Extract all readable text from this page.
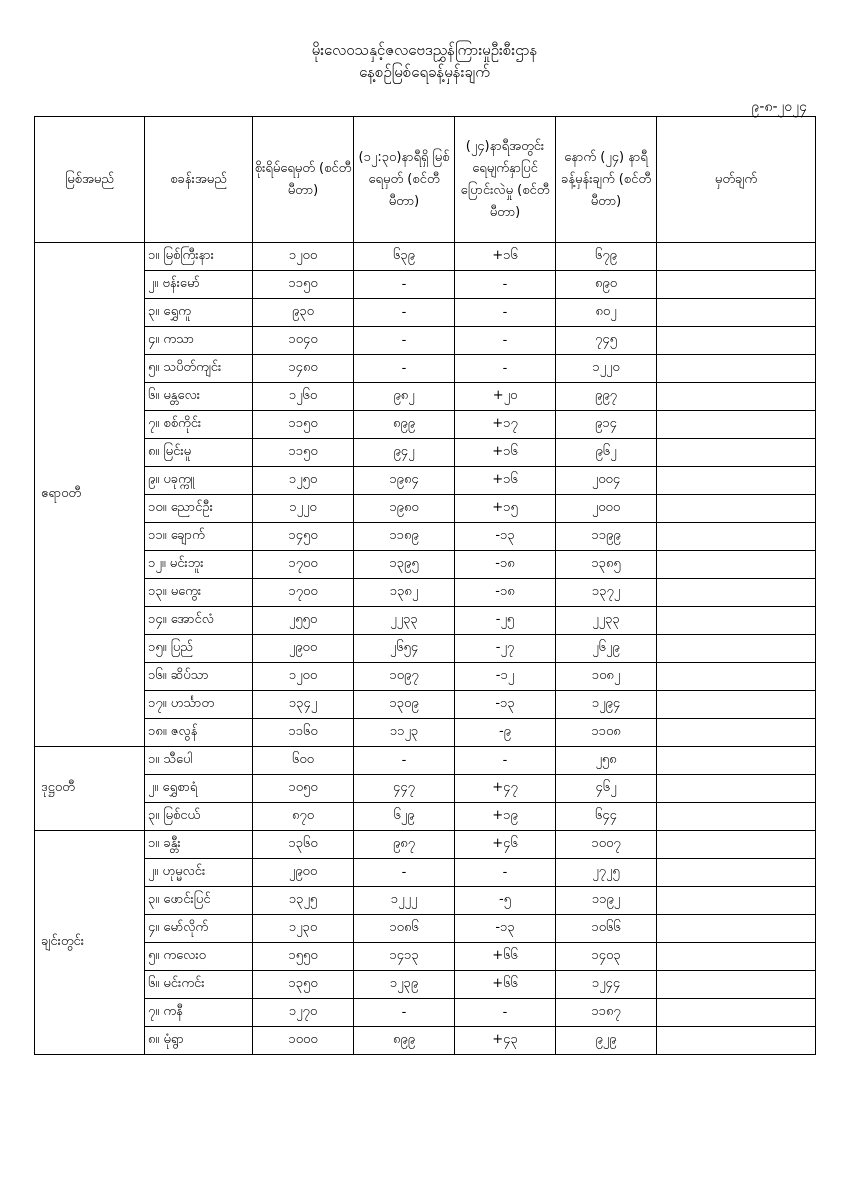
မိုးလေဝသနှင့်ဇလဗေဒညွှန်ကြားမှုဦးစီးဌာန
နေ့စဉ်မြစ်ရေခန့်မှန်းချက်
၉-၈-၂၀၂၄
မြစ်အမည်	စခန်းအမည်	စိုးရိမ်ရေမှတ် (စင်တီမီတာ)	(၁၂:၃၀)နာရီရှိ မြစ်ရေမှတ် (စင်တီမီတာ)	(၂၄)နာရီအတွင်း ရေမျက်နှာပြင် ပြောင်းလဲမှု (စင်တီမီတာ)	နောက် (၂၄) နာရီ ခန့်မှန်းချက် (စင်တီမီတာ)	မှတ်ချက်
ဧရာဝတီ	၁။ မြစ်ကြီးနား	၁၂၀၀	၆၃၉	+၁၆	၆၇၉	
	၂။ ဗန်းမော်	၁၁၅၀	-	-	၈၉၀	
	၃။ ရွှေကူ	၉၃၀	-	-	၈၀၂	
	၄။ ကသာ	၁၀၄၀	-	-	၇၄၅	
	၅။ သပိတ်ကျင်း	၁၄၈၀	-	-	၁၂၂၀	
	၆။ မန္တလေး	၁၂၆၀	၉၈၂	+၂၀	၉၉၇	
	၇။ စစ်ကိုင်း	၁၁၅၀	၈၉၉	+၁၇	၉၁၄	
	၈။ မြင်းမူ	၁၁၅၀	၉၄၂	+၁၆	၉၆၂	
	၉။ ပခုက္ကူ	၁၂၅၀	၁၉၈၄	+၁၆	၂၀၀၄	
	၁၀။ ညောင်ဦး	၁၂၂၀	၁၉၈၀	+၁၅	၂၀၀၀	
	၁၁။ ချောက်	၁၄၅၀	၁၁၈၉	-၁၃	၁၁၉၉	
	၁၂။ မင်းဘူး	၁၇၀၀	၁၃၉၅	-၁၈	၁၃၈၅	
	၁၃။ မကွေး	၁၇၀၀	၁၃၈၂	-၁၈	၁၃၇၂	
	၁၄။ အောင်လံ	၂၅၅၀	၂၂၃၃	-၂၅	၂၂၃၃	
	၁၅။ ပြည်	၂၉၀၀	၂၆၅၄	-၂၇	၂၆၂၉	
	၁၆။ ဆိပ်သာ	၁၂၀၀	၁၀၉၇	-၁၂	၁၀၈၂	
	၁၇။ ဟင်္သာတ	၁၃၄၂	၁၃၀၉	-၁၃	၁၂၉၄	
	၁၈။ ဇလွန်	၁၁၆၀	၁၁၂၃	-၉	၁၁၀၈	
ဒုဋ္ဌဝတီ	၁။ သီပေါ	၆၀၀	-	-	၂၅၈	
	၂။ ရွှေစာရံ	၁၀၅၀	၄၄၇	+၄၇	၄၆၂	
	၃။ မြစ်ငယ်	၈၇၀	၆၂၉	+၁၉	၆၄၄	
ချင်းတွင်း	၁။ ခန္တီး	၁၃၆၀	၉၈၇	+၄၆	၁၀၀၇	
	၂။ ဟုမ္မလင်း	၂၉၀၀	-	-	၂၇၂၅	
	၃။ ဖောင်းပြင်	၁၃၂၅	၁၂၂၂	-၅	၁၁၉၂	
	၄။ မော်လိုက်	၁၂၃၀	၁၀၈၆	-၁၃	၁၀၆၆	
	၅။ ကလေးဝ	၁၅၅၀	၁၄၁၃	+၆၆	၁၄၀၃	
	၆။ မင်းကင်း	၁၃၅၀	၁၂၃၉	+၆၆	၁၂၄၄	
	၇။ ကနီ	၁၂၇၀	-	-	၁၁၈၇	
	၈။ မုံရွာ	၁၀၀၀	၈၉၉	+၄၃	၉၂၉	
